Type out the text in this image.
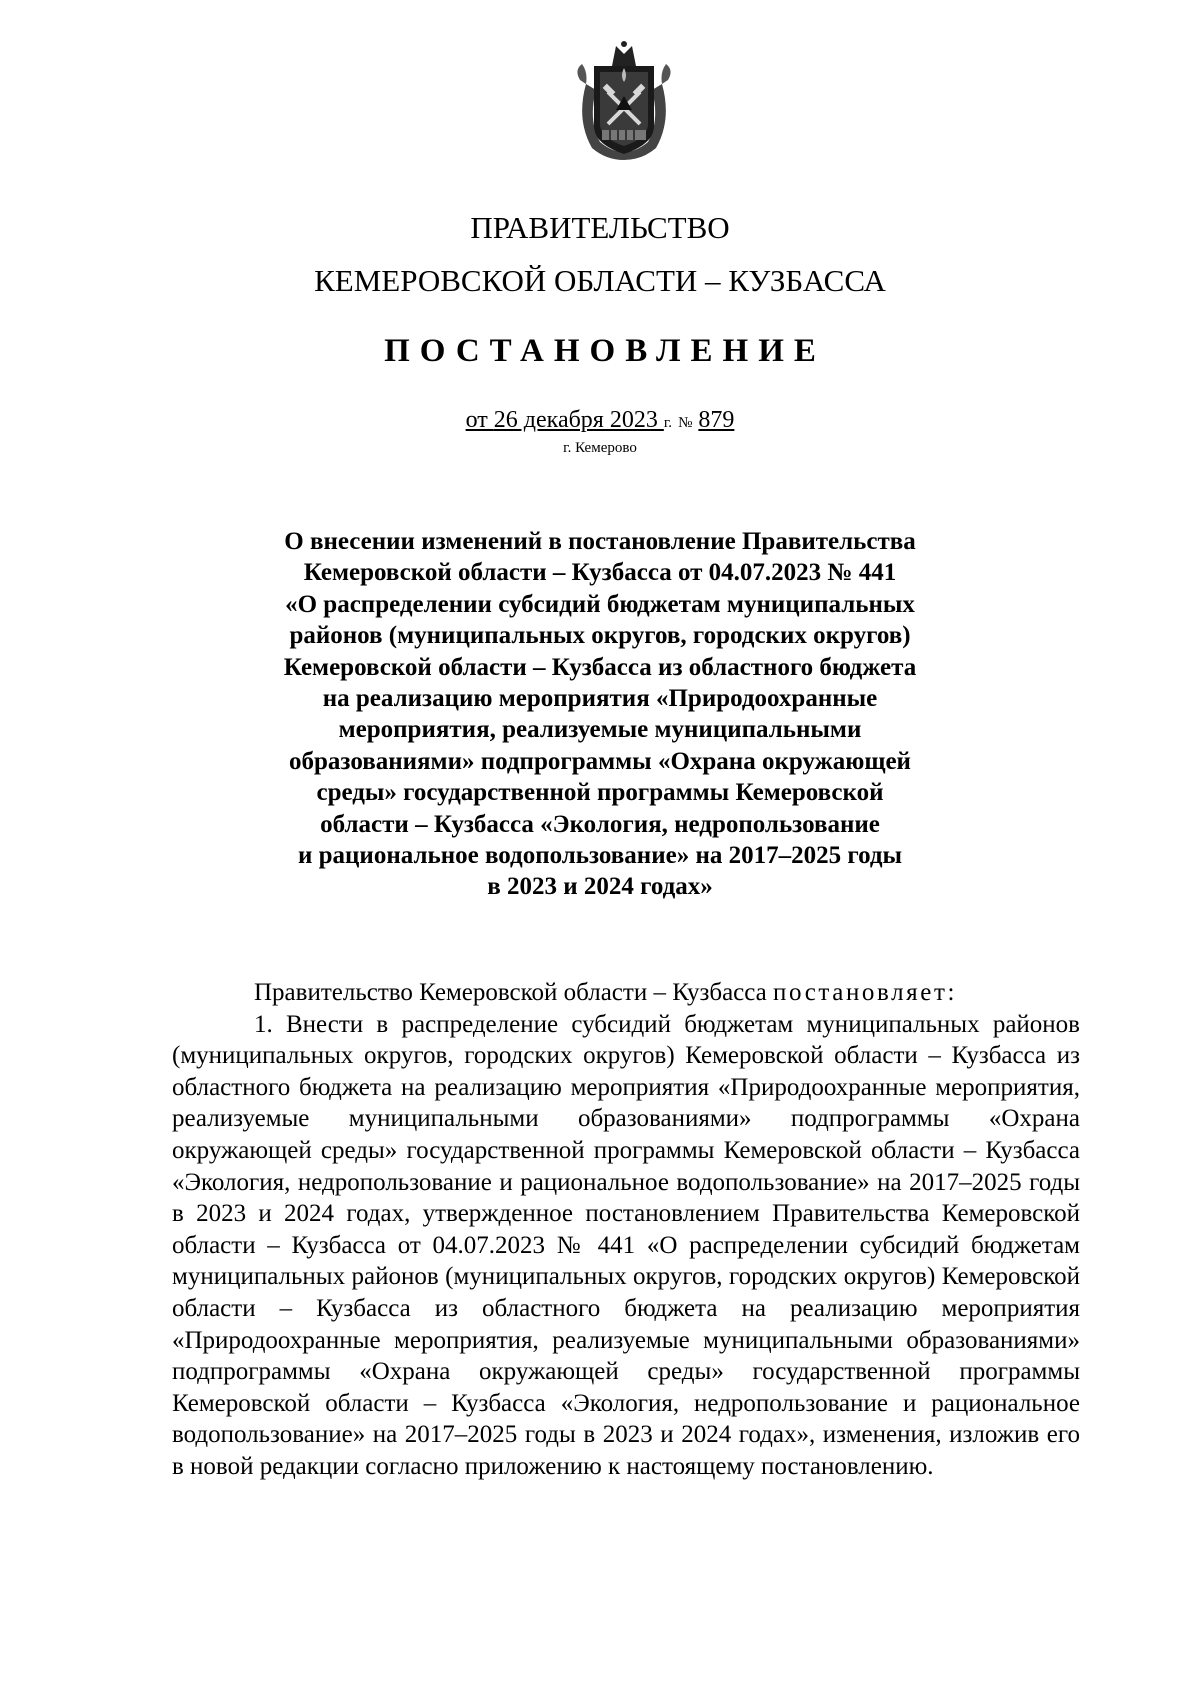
ПРАВИТЕЛЬСТВО
КЕМЕРОВСКОЙ ОБЛАСТИ – КУЗБАССА
ПОСТАНОВЛЕНИЕ
от 26 декабря 2023 г. № 879
г. Кемерово
О внесении изменений в постановление Правительства
Кемеровской области – Кузбасса от 04.07.2023 № 441
«О распределении субсидий бюджетам муниципальных
районов (муниципальных округов, городских округов)
Кемеровской области – Кузбасса из областного бюджета
на реализацию мероприятия «Природоохранные
мероприятия, реализуемые муниципальными
образованиями» подпрограммы «Охрана окружающей
среды» государственной программы Кемеровской
области – Кузбасса «Экология, недропользование
и рациональное водопользование» на 2017–2025 годы
в 2023 и 2024 годах»

Правительство Кемеровской области – Кузбасса постановляет:

1. Внести в распределение субсидий бюджетам муниципальных районов (муниципальных округов, городских округов) Кемеровской области – Кузбасса из областного бюджета на реализацию мероприятия «Природоохранные мероприятия, реализуемые муниципальными образованиями» подпрограммы «Охрана окружающей среды» государственной программы Кемеровской области – Кузбасса «Экология, недропользование и рациональное водопользование» на 2017–2025 годы в 2023 и 2024 годах, утвержденное постановлением Правительства Кемеровской области – Кузбасса от 04.07.2023 № 441 «О распределении субсидий бюджетам муниципальных районов (муниципальных округов, городских округов) Кемеровской области – Кузбасса из областного бюджета на реализацию мероприятия «Природоохранные мероприятия, реализуемые муниципальными образованиями» подпрограммы «Охрана окружающей среды» государственной программы Кемеровской области – Кузбасса «Экология, недропользование и рациональное водопользование» на 2017–2025 годы в 2023 и 2024 годах», изменения, изложив его в новой редакции согласно приложению к настоящему постановлению.
